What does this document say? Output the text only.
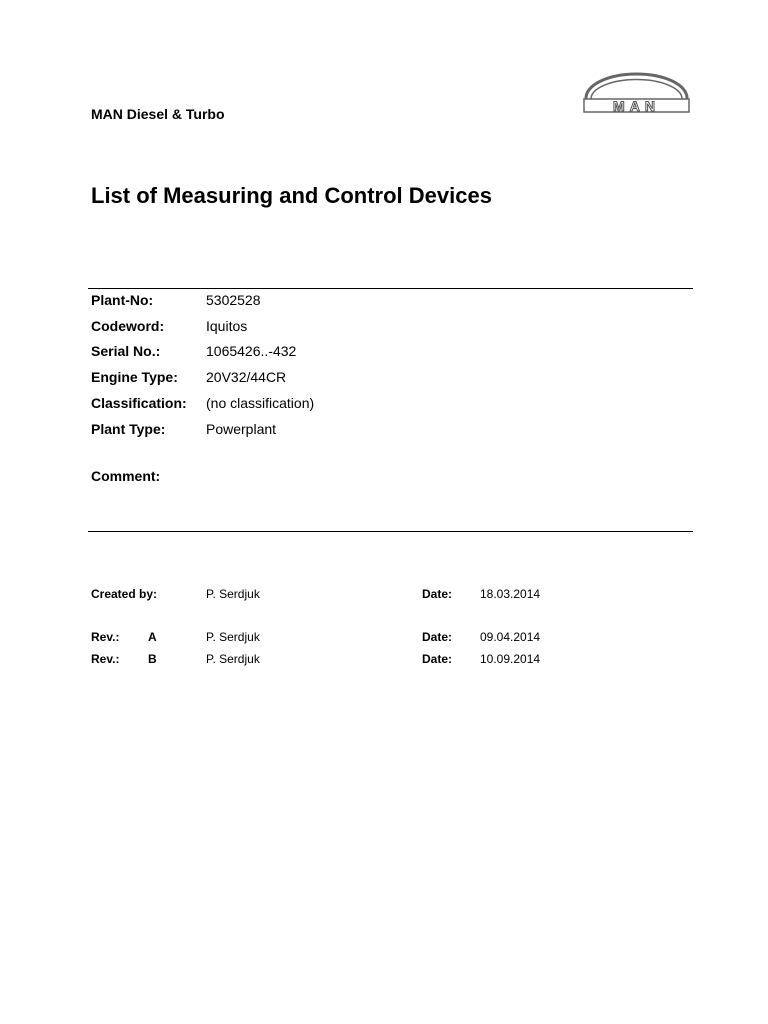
MAN Diesel & Turbo	MAN
List of Measuring and Control Devices
Plant-No:	5302528
Codeword:	Iquitos
Serial No.:	1065426..-432
Engine Type: 20V32/44CR
Classification: (no classification)
Plant Type:	Powerplant
Comment:
Created by:	P. Serdjuk	Date: 18.03.2014
Rev.: A	P. Serdjuk	Date: 09.04.2014
Rev.: B	P. Serdjuk	Date: 10.09.2014
